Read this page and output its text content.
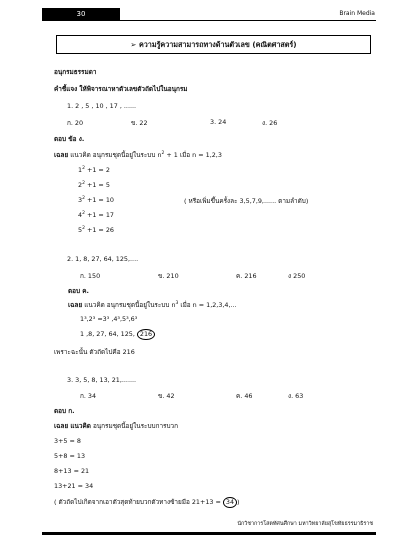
30	Brain Media
➢ ความรู้ความสามารถทางด้านตัวเลข (คณิตศาสตร์)
อนุกรมธรรมดา
คำชี้แจง ให้พิจารณาหาตัวเลขตัวถัดไปในอนุกรม
1. 2 , 5 , 10 , 17 , ......
ก. 20	ข. 22	3. 24	ง. 26
ตอบ ข้อ ง.
เฉลย แนวคิด อนุกรมชุดนี้อยู่ในระบบ $n^2 + 1$ เมื่อ n = 1,2,3
$1^2 +1 = 2$
$2^2 +1 = 5$
$3^2 +1 = 10$
$4^2 +1 = 17$
$5^2 +1 = 26$
( หรือเพิ่มขึ้นครั้งละ 3,5,7,9,...... ตามลำดับ)
2. 1, 8, 27, 64, 125,....
ก. 150	ข. 210	ค. 216	ง 250
ตอบ ค.
เฉลย แนวคิด อนุกรมชุดนี้อยู่ในระบบ $n^3$ เมื่อ n = 1,2,3,4,...
1³,2³ =3³ ,4³,5³,6³
1 ,8, 27, 64, 125, 216
เพราะฉะนั้น ตัวถัดไปคือ 216
3. 3, 5, 8, 13, 21,.......
ก. 34	ข. 42	ค. 46	ง. 63
ตอบ ก.
เฉลย แนวคิด อนุกรมชุดนี้อยู่ในระบบการบวก
3+5 = 8
5+8 = 13
8+13 = 21
13+21 = 34
( ตัวถัดไปเกิดจากเอาตัวสุดท้ายบวกตัวทางซ้ายมือ 21+13 = 34 )
นักวิชาการโสตทัศนศึกษา มหาวิทยาลัยสุโขทัยธรรมาธิราช
